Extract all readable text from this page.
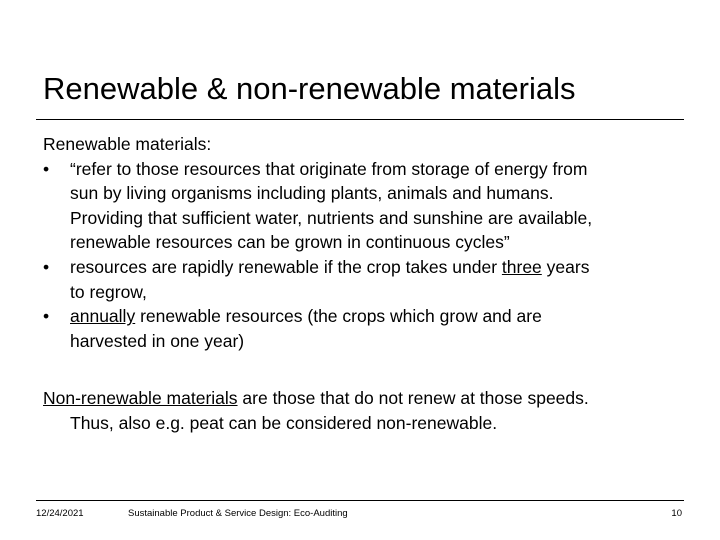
Renewable & non-renewable materials
Renewable materials:
• “refer to those resources that originate from storage of energy from
sun by living organisms including plants, animals and humans.
Providing that sufficient water, nutrients and sunshine are available,
renewable resources can be grown in continuous cycles”
• resources are rapidly renewable if the crop takes under three years
to regrow,
• annually renewable resources (the crops which grow and are
harvested in one year)
Non-renewable materials are those that do not renew at those speeds.
Thus, also e.g. peat can be considered non-renewable.
12/24/2021	Sustainable Product & Service Design: Eco-Auditing	10
